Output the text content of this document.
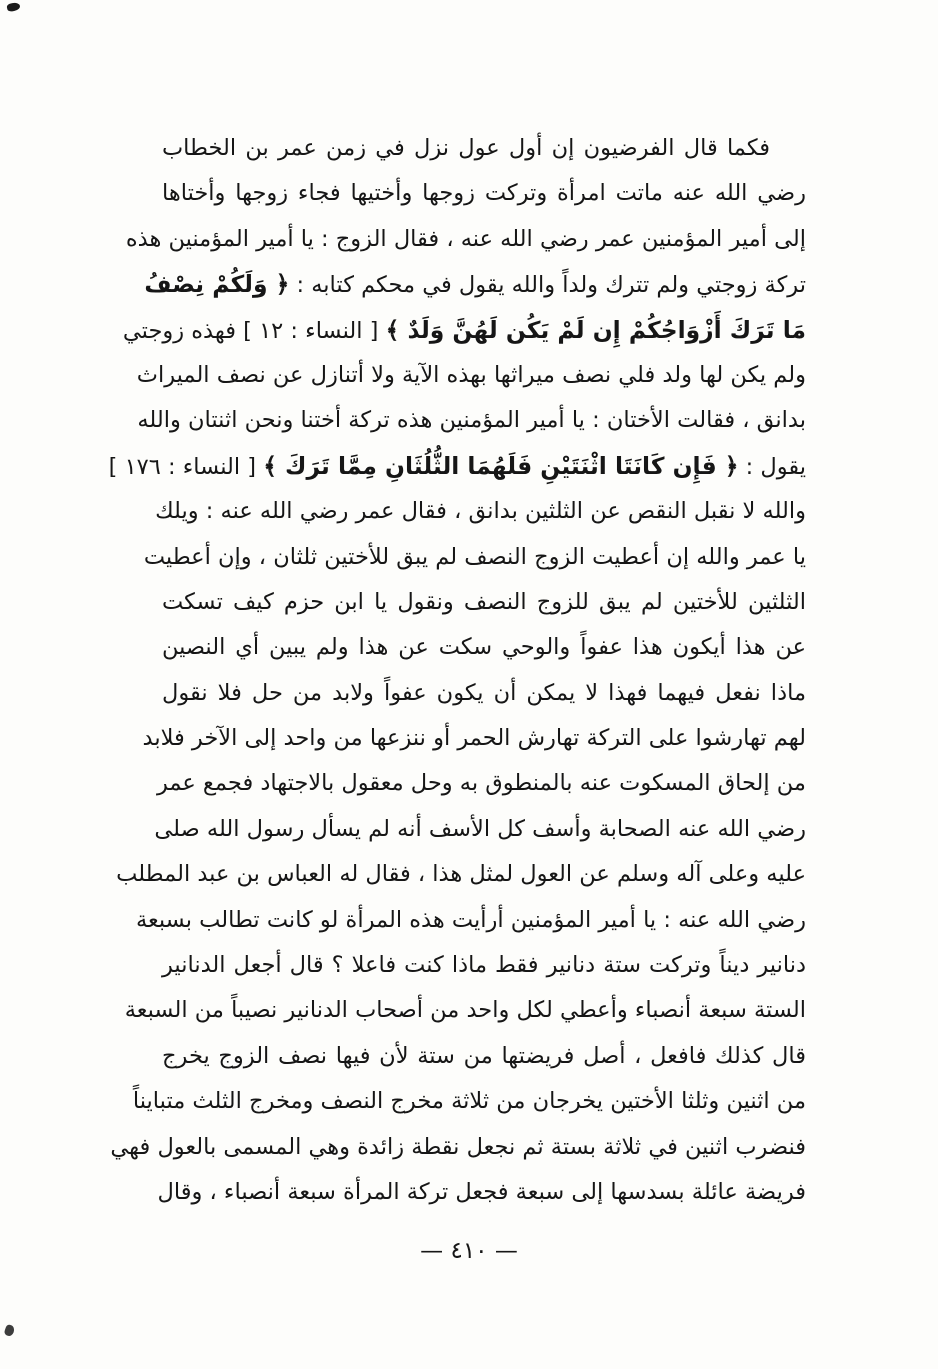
فكما قال الفرضيون إن أول عول نزل في زمن عمر بن الخطاب
رضي الله عنه ماتت امرأة وتركت زوجها وأختيها فجاء زوجها وأختاها
إلى أمير المؤمنين عمر رضي الله عنه ، فقال الزوج : يا أمير المؤمنين هذه
تركة زوجتي ولم تترك ولداً والله يقول في محكم كتابه : ﴿ وَلَكُمْ نِصْفُ
مَا تَرَكَ أَزْوَاجُكُمْ إِن لَمْ يَكُن لَهُنَّ وَلَدٌ ﴾ [ النساء : ١٢ ] فهذه زوجتي
ولم يكن لها ولد فلي نصف ميراثها بهذه الآية ولا أتنازل عن نصف الميراث
بدانق ، فقالت الأختان : يا أمير المؤمنين هذه تركة أختنا ونحن اثنتان والله
يقول : ﴿ فَإِن كَانَتَا اثْنَتَيْنِ فَلَهُمَا الثُّلُثَانِ مِمَّا تَرَكَ ﴾ [ النساء : ١٧٦ ]
والله لا نقبل النقص عن الثلثين بدانق ، فقال عمر رضي الله عنه : ويلك
يا عمر والله إن أعطيت الزوج النصف لم يبق للأختين ثلثان ، وإن أعطيت
الثلثين للأختين لم يبق للزوج النصف ونقول يا ابن حزم كيف تسكت
عن هذا أيكون هذا عفواً والوحي سكت عن هذا ولم يبين أي النصين
ماذا نفعل فيهما فهذا لا يمكن أن يكون عفواً ولابد من حل فلا نقول
لهم تهارشوا على التركة تهارش الحمر أو ننزعها من واحد إلى الآخر فلابد
من إلحاق المسكوت عنه بالمنطوق به وحل معقول بالاجتهاد فجمع عمر
رضي الله عنه الصحابة وأسف كل الأسف أنه لم يسأل رسول الله صلى
عليه وعلى آله وسلم عن العول لمثل هذا ، فقال له العباس بن عبد المطلب
رضي الله عنه : يا أمير المؤمنين أرأيت هذه المرأة لو كانت تطالب بسبعة
دنانير ديناً وتركت ستة دنانير فقط ماذا كنت فاعلا ؟ قال أجعل الدنانير
الستة سبعة أنصباء وأعطي لكل واحد من أصحاب الدنانير نصيباً من السبعة
قال كذلك فافعل ، أصل فريضتها من ستة لأن فيها نصف الزوج يخرج
من اثنين وثلثا الأختين يخرجان من ثلاثة مخرج النصف ومخرج الثلث متبايناً
فنضرب اثنين في ثلاثة بستة ثم نجعل نقطة زائدة وهي المسمى بالعول فهي
فريضة عائلة بسدسها إلى سبعة فجعل تركة المرأة سبعة أنصباء ، وقال
— ٤١٠ —
